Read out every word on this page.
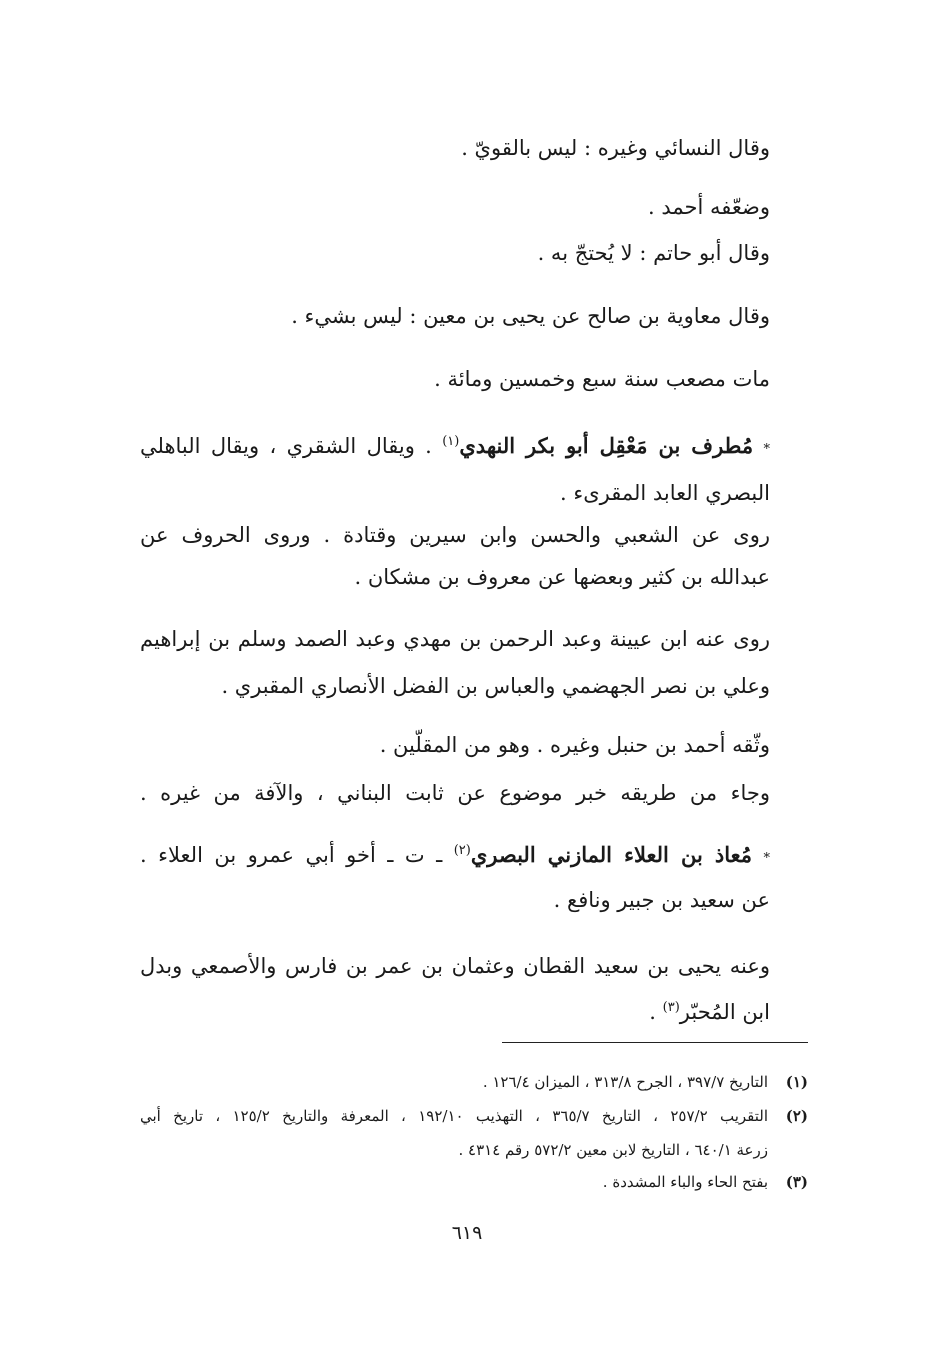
وقال النسائي وغيره : ليس بالقويّ .
وضعّفه أحمد .
وقال أبو حاتم : لا يُحتجّ به .
وقال معاوية بن صالح عن يحيى بن معين : ليس بشيء .
مات مصعب سنة سبع وخمسين ومائة .
* مُطرف بن مَعْقِل أبو بكر النهدي$^{(١)}$ . ويقال الشقري ، ويقال الباهلي
البصري العابد المقرىء .
روى عن الشعبي والحسن وابن سيرين وقتادة . وروى الحروف عن
عبدالله بن كثير وبعضها عن معروف بن مشكان .
روى عنه ابن عيينة وعبد الرحمن بن مهدي وعبد الصمد وسلم بن إبراهيم
وعلي بن نصر الجهضمي والعباس بن الفضل الأنصاري المقبري .
وثّقه أحمد بن حنبل وغيره . وهو من المقلّين .
وجاء من طريقه خبر موضوع عن ثابت البناني ، والآفة من غيره .
* مُعاذ بن العلاء المازني البصري$^{(٢)}$ ـ ت ـ أخو أبي عمرو بن العلاء .
عن سعيد بن جبير ونافع .
وعنه يحيى بن سعيد القطان وعثمان بن عمر بن فارس والأصمعي وبدل
ابن المُحبّر$^{(٣)}$ .
(١)التاريخ ٣٩٧/٧ ، الجرح ٣١٣/٨ ، الميزان ١٢٦/٤ .
(٢)التقريب ٢٥٧/٢ ، التاريخ ٣٦٥/٧ ، التهذيب ١٩٢/١٠ ، المعرفة والتاريخ ١٢٥/٢ ، تاريخ أبي
زرعة ٦٤٠/١ ، التاريخ لابن معين ٥٧٢/٢ رقم ٤٣١٤ .
(٣)بفتح الحاء والباء المشددة .
٦١٩
